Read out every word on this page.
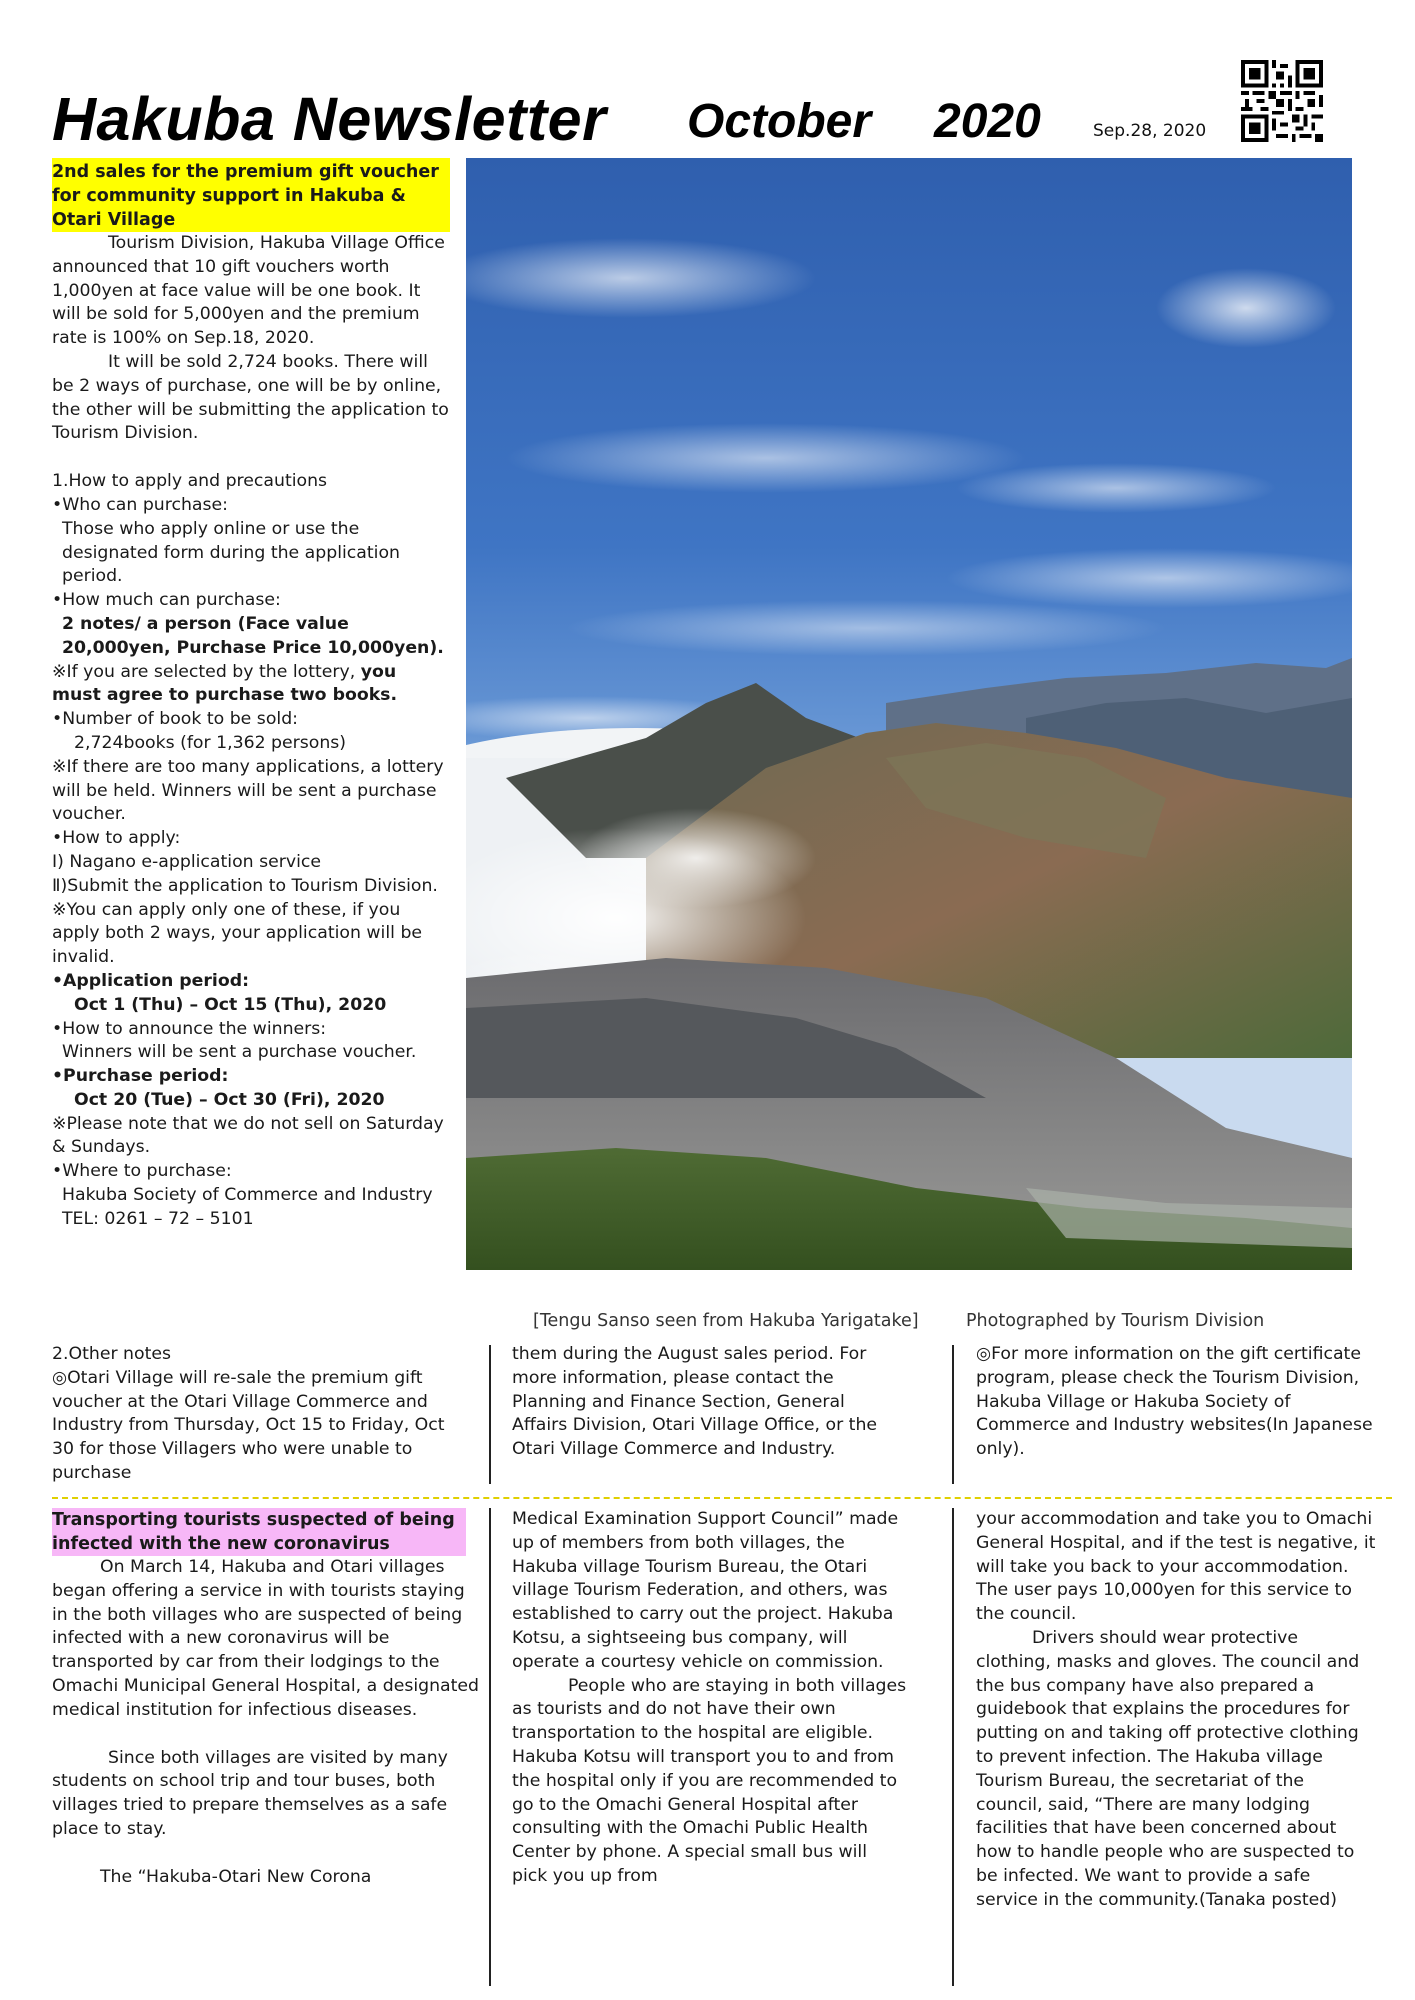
Hakuba Newsletter October 2020	Sep.28, 2020
2nd sales for the premium gift voucher for community support in Hakuba & Otari Village

Tourism Division, Hakuba Village Office announced that 10 gift vouchers worth 1,000yen at face value will be one book. It will be sold for 5,000yen and the premium rate is 100% on Sep.18, 2020.

It will be sold 2,724 books. There will be 2 ways of purchase, one will be by online, the other will be submitting the application to Tourism Division.

1.How to apply and precautions

•Who can purchase:

Those who apply online or use the designated form during the application period.

•How much can purchase:

2 notes/ a person (Face value 20,000yen, Purchase Price 10,000yen).

※If you are selected by the lottery, you must agree to purchase two books.

•Number of book to be sold:

2,724books (for 1,362 persons)

※If there are too many applications, a lottery will be held. Winners will be sent a purchase voucher.

•How to apply:

Ⅰ) Nagano e-application service

Ⅱ)Submit the application to Tourism Division.

※You can apply only one of these, if you apply both 2 ways, your application will be invalid.

•Application period:

Oct 1 (Thu) – Oct 15 (Thu), 2020

•How to announce the winners:

Winners will be sent a purchase voucher.

•Purchase period:

Oct 20 (Tue) – Oct 30 (Fri), 2020

※Please note that we do not sell on Saturday & Sundays.

•Where to purchase:

Hakuba Society of Commerce and Industry

TEL: 0261 – 72 – 5101

[Tengu Sanso seen from Hakuba Yarigatake]	Photographed by Tourism Division

2.Other notes

◎Otari Village will re-sale the premium gift voucher at the Otari Village Commerce and Industry from Thursday, Oct 15 to Friday, Oct 30 for those Villagers who were unable to purchase

them during the August sales period. For more information, please contact the Planning and Finance Section, General Affairs Division, Otari Village Office, or the Otari Village Commerce and Industry.

◎For more information on the gift certificate program, please check the Tourism Division, Hakuba Village or Hakuba Society of Commerce and Industry websites(In Japanese only).

Transporting tourists suspected of being infected with the new coronavirus

On March 14, Hakuba and Otari villages began offering a service in with tourists staying in the both villages who are suspected of being infected with a new coronavirus will be transported by car from their lodgings to the Omachi Municipal General Hospital, a designated medical institution for infectious diseases.

Since both villages are visited by many students on school trip and tour buses, both villages tried to prepare themselves as a safe place to stay.

The “Hakuba-Otari New Corona

Medical Examination Support Council” made up of members from both villages, the Hakuba village Tourism Bureau, the Otari village Tourism Federation, and others, was established to carry out the project. Hakuba Kotsu, a sightseeing bus company, will operate a courtesy vehicle on commission.

People who are staying in both villages as tourists and do not have their own transportation to the hospital are eligible. Hakuba Kotsu will transport you to and from the hospital only if you are recommended to go to the Omachi General Hospital after consulting with the Omachi Public Health Center by phone. A special small bus will pick you up from

your accommodation and take you to Omachi General Hospital, and if the test is negative, it will take you back to your accommodation. The user pays 10,000yen for this service to the council.

Drivers should wear protective clothing, masks and gloves. The council and the bus company have also prepared a guidebook that explains the procedures for putting on and taking off protective clothing to prevent infection. The Hakuba village Tourism Bureau, the secretariat of the council, said, “There are many lodging facilities that have been concerned about how to handle people who are suspected to be infected. We want to provide a safe service in the community.(Tanaka posted)
